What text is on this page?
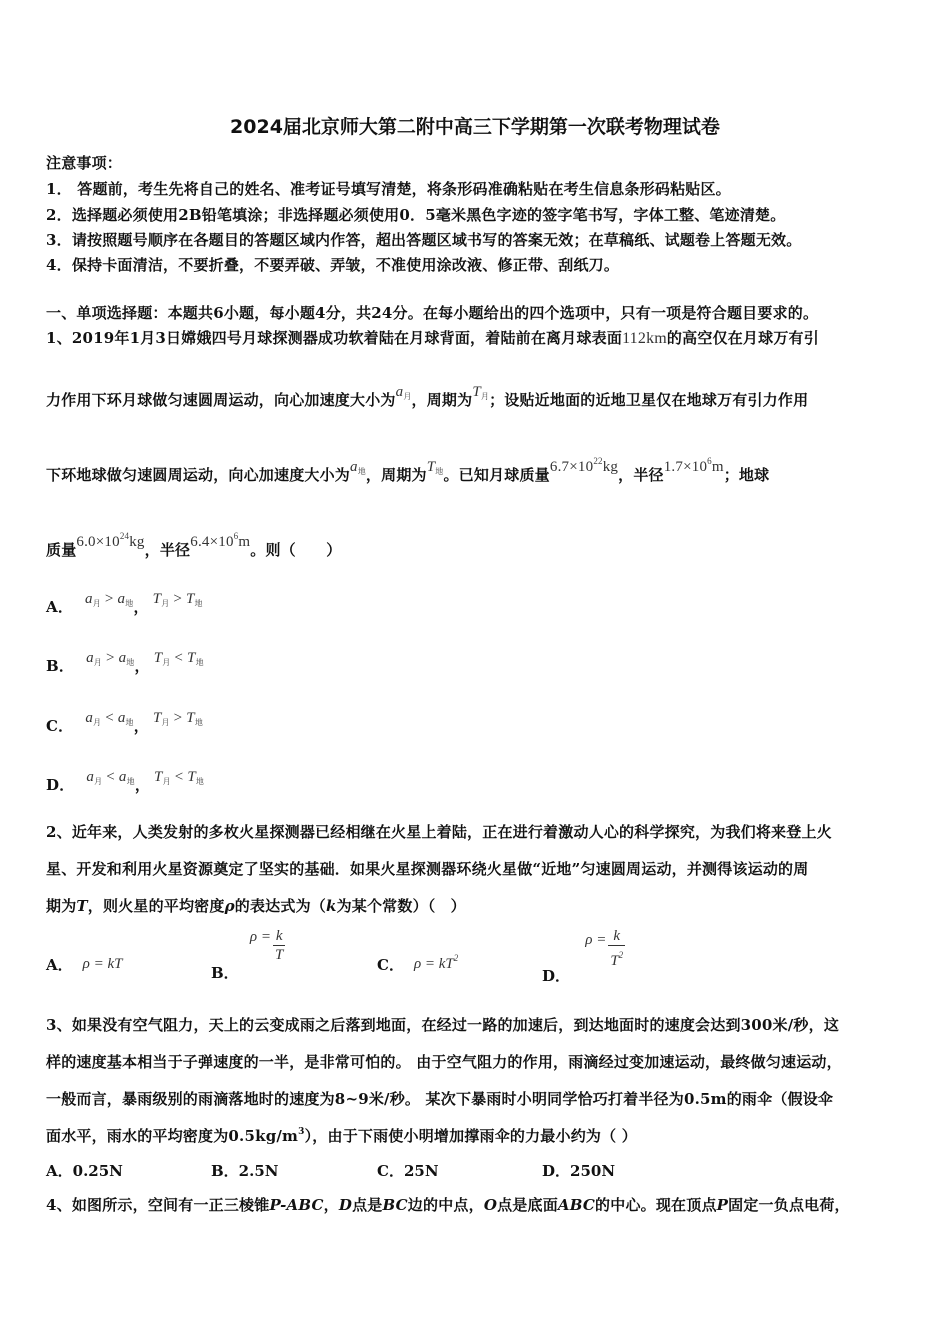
2024届北京师大第二附中高三下学期第一次联考物理试卷
注意事项：
1． 答题前，考生先将自己的姓名、准考证号填写清楚，将条形码准确粘贴在考生信息条形码粘贴区。
2．选择题必须使用2B铅笔填涂；非选择题必须使用0．5毫米黑色字迹的签字笔书写，字体工整、笔迹清楚。
3．请按照题号顺序在各题目的答题区域内作答，超出答题区域书写的答案无效；在草稿纸、试题卷上答题无效。
4．保持卡面清洁，不要折叠，不要弄破、弄皱，不准使用涂改液、修正带、刮纸刀。
一、单项选择题：本题共6小题，每小题4分，共24分。在每小题给出的四个选项中，只有一项是符合题目要求的。
1、2019年1月3日嫦娥四号月球探测器成功软着陆在月球背面，着陆前在离月球表面112km的高空仅在月球万有引
力作用下环月球做匀速圆周运动，向心加速度大小为$a_月$，周期为$T_月$；设贴近地面的近地卫星仅在地球万有引力作用
下环地球做匀速圆周运动，向心加速度大小为$a_地$，周期为$T_地$。已知月球质量$6.7\times 10^{22}kg$，半径$1.7\times 10^6m$；地球
质量$6.0\times 10^{24}kg$，半径$6.4\times 10^6m$。则（　　）
A． $a_月 > a_地$， $T_月 > T_地$
B． $a_月 > a_地$， $T_月 < T_地$
C． $a_月 < a_地$， $T_月 > T_地$
D． $a_月 < a_地$， $T_月 < T_地$
2、近年来，人类发射的多枚火星探测器已经相继在火星上着陆，正在进行着激动人心的科学探究，为我们将来登上火
星、开发和利用火星资源奠定了坚实的基础．如果火星探测器环绕火星做“近地”匀速圆周运动，并测得该运动的周
期为T，则火星的平均密度ρ的表达式为（k为某个常数）（　）
A． ρ = kT	B． $\rho = \frac{k}{T}$
C． $\rho = kT^2$
D． $\rho = \frac{k}{T^2}$
3、如果没有空气阻力，天上的云变成雨之后落到地面，在经过一路的加速后，到达地面时的速度会达到300米/秒，这
样的速度基本相当于子弹速度的一半，是非常可怕的。 由于空气阻力的作用，雨滴经过变加速运动，最终做匀速运动，
一般而言，暴雨级别的雨滴落地时的速度为8~9米/秒。 某次下暴雨时小明同学恰巧打着半径为0.5m的雨伞（假设伞
面水平，雨水的平均密度为$0.5kg/m^3$），由于下雨使小明增加撑雨伞的力最小约为（ ）
A．0.25N	B．2.5N	C．25N	D．250N
4、如图所示，空间有一正三棱锥P-ABC，D点是BC边的中点，O点是底面ABC的中心。现在顶点P固定一负点电荷，
